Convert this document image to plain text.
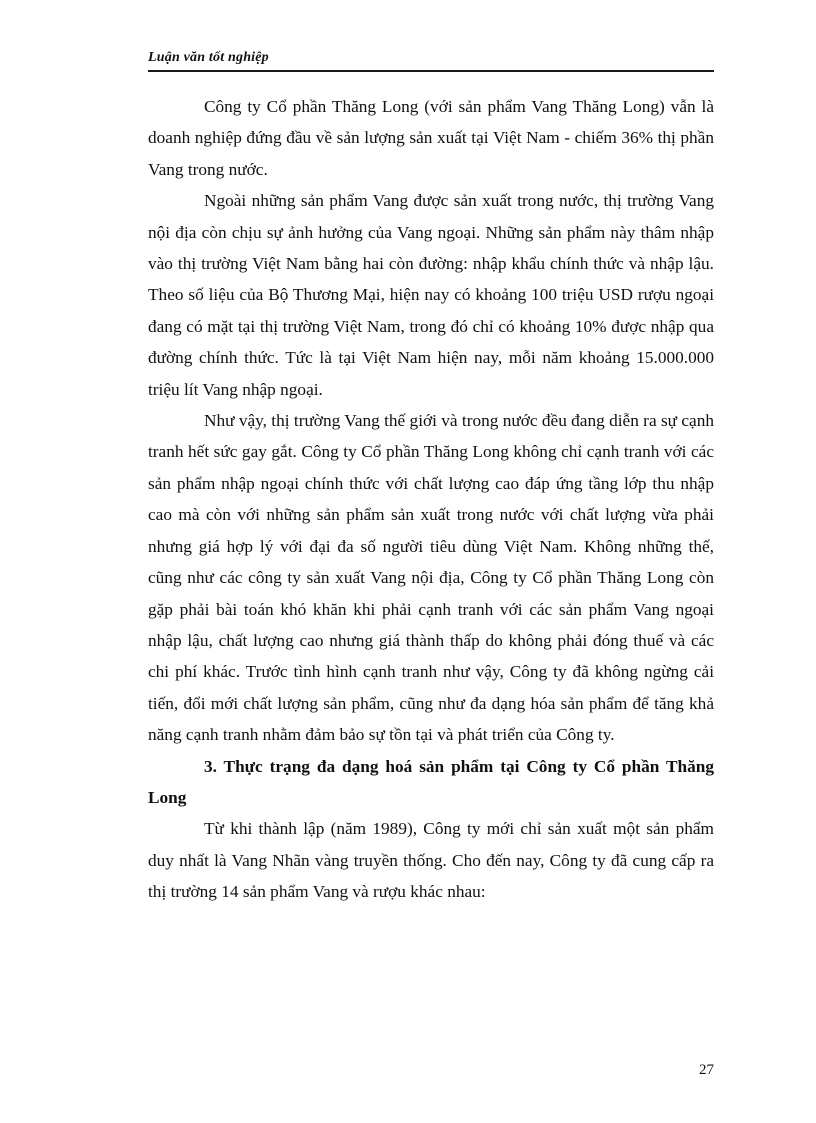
Luận văn tốt nghiệp

Công ty Cổ phần Thăng Long (với sản phẩm Vang Thăng Long) vẫn là doanh nghiệp đứng đầu về sản lượng sản xuất tại Việt Nam - chiếm 36% thị phần Vang trong nước.

Ngoài những sản phẩm Vang được sản xuất trong nước, thị trường Vang nội địa còn chịu sự ảnh hưởng của Vang ngoại. Những sản phẩm này thâm nhập vào thị trường Việt Nam bằng hai còn đường: nhập khẩu chính thức và nhập lậu. Theo số liệu của Bộ Thương Mại, hiện nay có khoảng 100 triệu USD rượu ngoại đang có mặt tại thị trường Việt Nam, trong đó chỉ có khoảng 10% được nhập qua đường chính thức. Tức là tại Việt Nam hiện nay, mỗi năm khoảng 15.000.000 triệu lít Vang nhập ngoại.

Như vậy, thị trường Vang thế giới và trong nước đều đang diễn ra sự cạnh tranh hết sức gay gắt. Công ty Cổ phần Thăng Long không chỉ cạnh tranh với các sản phẩm nhập ngoại chính thức với chất lượng cao đáp ứng tầng lớp thu nhập cao mà còn với những sản phẩm sản xuất trong nước với chất lượng vừa phải nhưng giá hợp lý với đại đa số người tiêu dùng Việt Nam. Không những thế, cũng như các công ty sản xuất Vang nội địa, Công ty Cổ phần Thăng Long còn gặp phải bài toán khó khăn khi phải cạnh tranh với các sản phẩm Vang ngoại nhập lậu, chất lượng cao nhưng giá thành thấp do không phải đóng thuế và các chi phí khác. Trước tình hình cạnh tranh như vậy, Công ty đã không ngừng cải tiến, đổi mới chất lượng sản phẩm, cũng như đa dạng hóa sản phẩm để tăng khả năng cạnh tranh nhằm đảm bảo sự tồn tại và phát triển của Công ty.

3. Thực trạng đa dạng hoá sản phẩm tại Công ty Cổ phần Thăng Long

Từ khi thành lập (năm 1989), Công ty mới chỉ sản xuất một sản phẩm duy nhất là Vang Nhãn vàng truyền thống. Cho đến nay, Công ty đã cung cấp ra thị trường 14 sản phẩm Vang và rượu khác nhau:

27
